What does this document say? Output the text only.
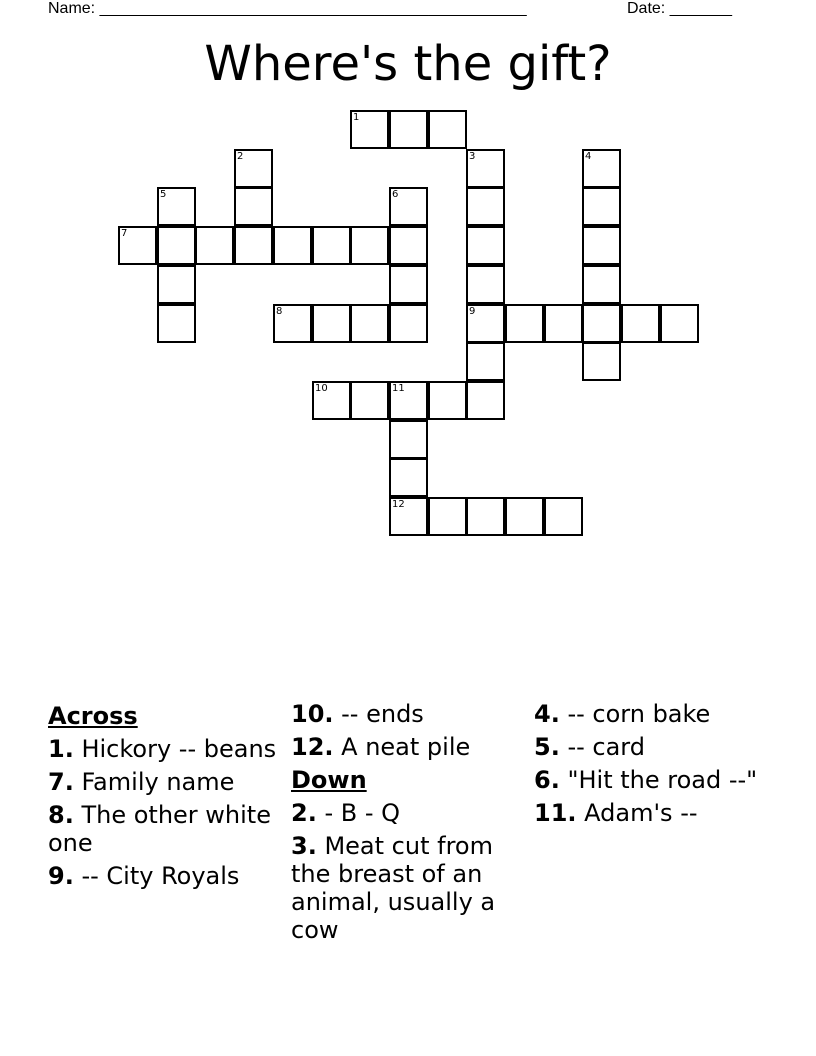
Name: ________________________________________________	Date: _______
Where's the gift?
1
2	3	4
5	6
7
8	9
10	11
12
Across
1. Hickory -- beans
7. Family name
8. The other white one
9. -- City Royals
10. -- ends
12. A neat pile
Down
2. - B - Q
3. Meat cut from the breast of an animal, usually a cow
4. -- corn bake
5. -- card
6. "Hit the road --"
11. Adam's --
